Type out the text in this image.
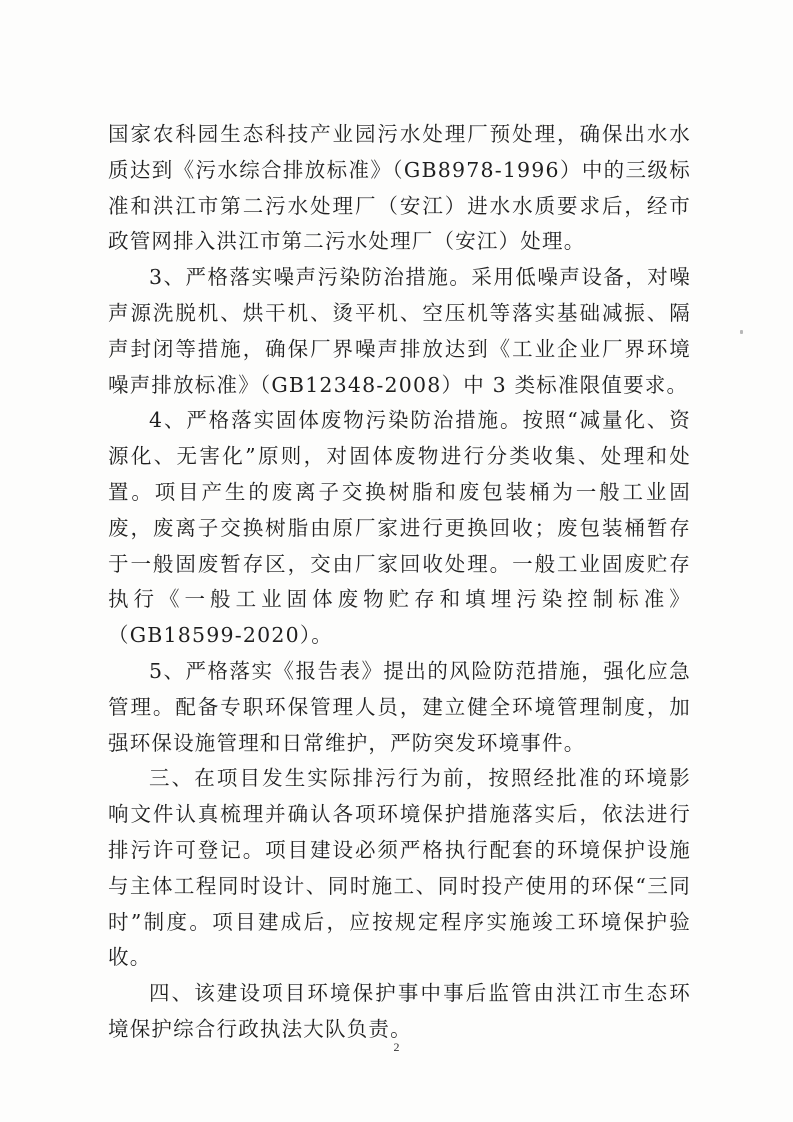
国家农科园生态科技产业园污水处理厂预处理，确保出水水质达到《污水综合排放标准》（GB8978-1996）中的三级标准和洪江市第二污水处理厂（安江）进水水质要求后，经市政管网排入洪江市第二污水处理厂（安江）处理。

3、严格落实噪声污染防治措施。采用低噪声设备，对噪声源洗脱机、烘干机、烫平机、空压机等落实基础减振、隔声封闭等措施，确保厂界噪声排放达到《工业企业厂界环境噪声排放标准》（GB12348-2008）中 3 类标准限值要求。

4、严格落实固体废物污染防治措施。按照“减量化、资源化、无害化”原则，对固体废物进行分类收集、处理和处置。项目产生的废离子交换树脂和废包装桶为一般工业固废，废离子交换树脂由原厂家进行更换回收；废包装桶暂存于一般固废暂存区，交由厂家回收处理。一般工业固废贮存执行《一般工业固体废物贮存和填埋污染控制标准》（GB18599-2020）。

5、严格落实《报告表》提出的风险防范措施，强化应急管理。配备专职环保管理人员，建立健全环境管理制度，加强环保设施管理和日常维护，严防突发环境事件。

三、在项目发生实际排污行为前，按照经批准的环境影响文件认真梳理并确认各项环境保护措施落实后，依法进行排污许可登记。项目建设必须严格执行配套的环境保护设施与主体工程同时设计、同时施工、同时投产使用的环保“三同时”制度。项目建成后，应按规定程序实施竣工环境保护验收。

四、该建设项目环境保护事中事后监管由洪江市生态环境保护综合行政执法大队负责。

2
